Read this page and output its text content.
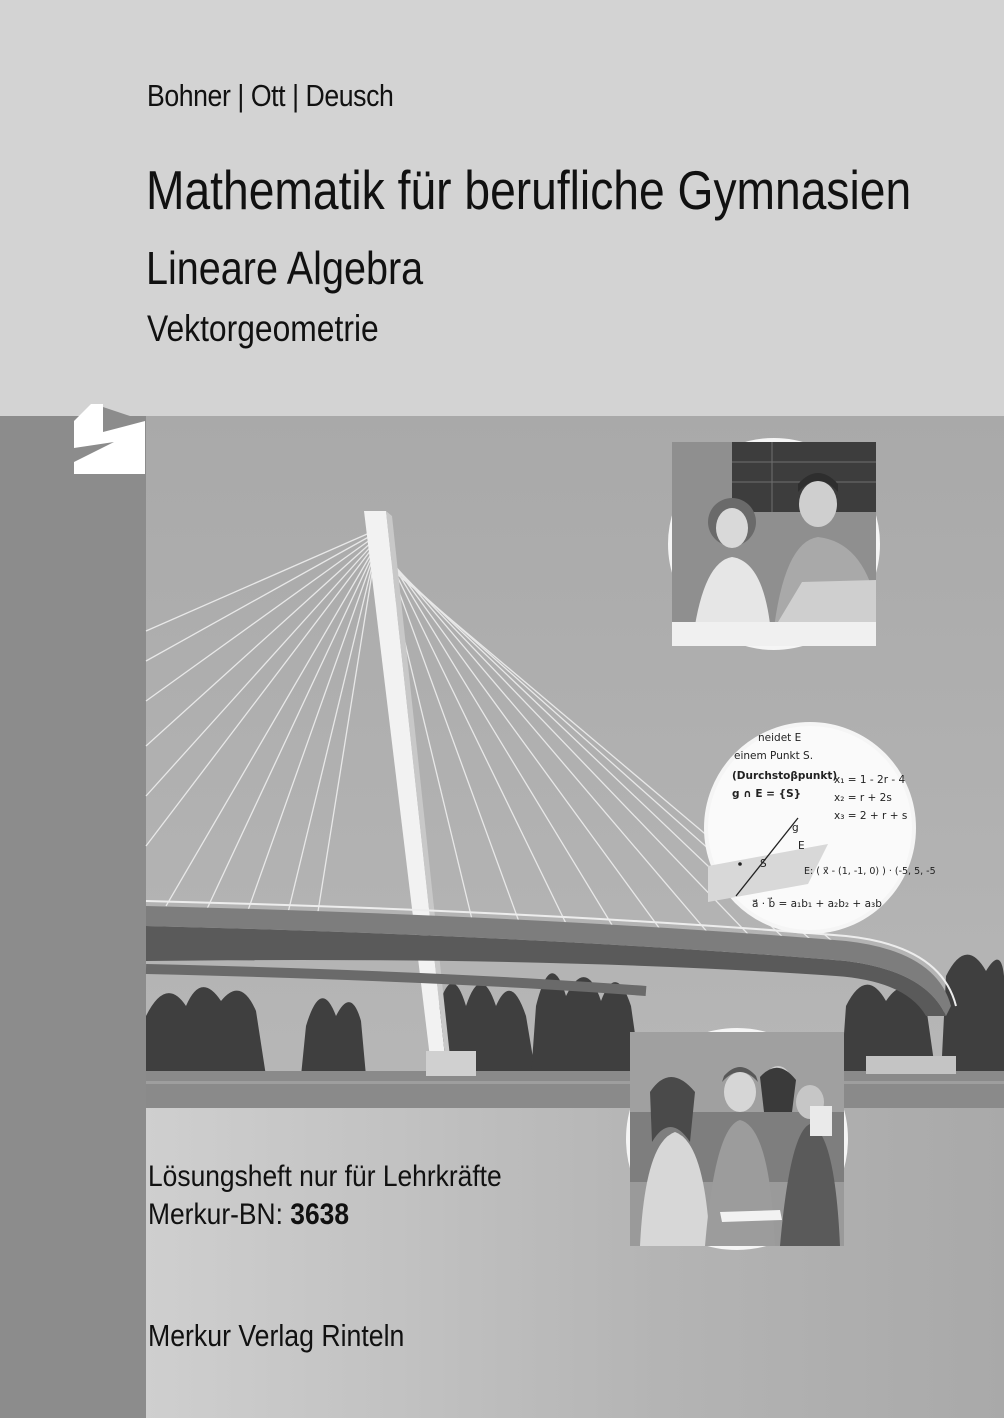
Bohner | Ott | Deusch
Mathematik für berufliche Gymnasien
Lineare Algebra
Vektorgeometrie
neidet E
einem Punkt S.
(Durchstoβpunkt)
g ∩ E = {S}
x₁ = 1 - 2r - 4
x₂ = r + 2s
x₃ = 2 + r + s
g
E
S
E: ( x⃗ - (1, -1, 0) ) · (-5, 5, -5
a⃗ · b⃗ = a₁b₁ + a₂b₂ + a₃b
Lösungsheft nur für Lehrkräfte
Merkur-BN: 3638
Merkur Verlag Rinteln
